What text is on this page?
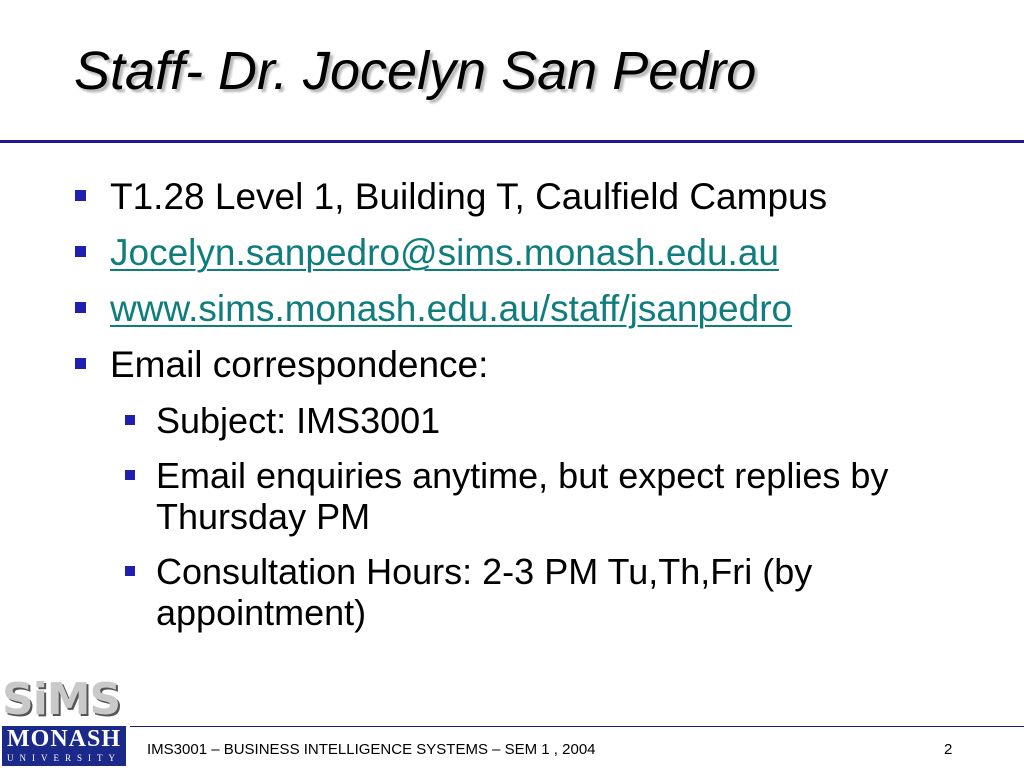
Staff- Dr. Jocelyn San Pedro
T1.28 Level 1, Building T, Caulfield Campus
Jocelyn.sanpedro@sims.monash.edu.au
www.sims.monash.edu.au/staff/jsanpedro
Email correspondence:
Subject: IMS3001
Email enquiries anytime, but expect replies by Thursday PM
Consultation Hours: 2-3 PM Tu,Th,Fri (by appointment)
SiMS
MONASH
UNIVERSITY	IMS3001 – BUSINESS INTELLIGENCE SYSTEMS – SEM 1 , 2004	2
